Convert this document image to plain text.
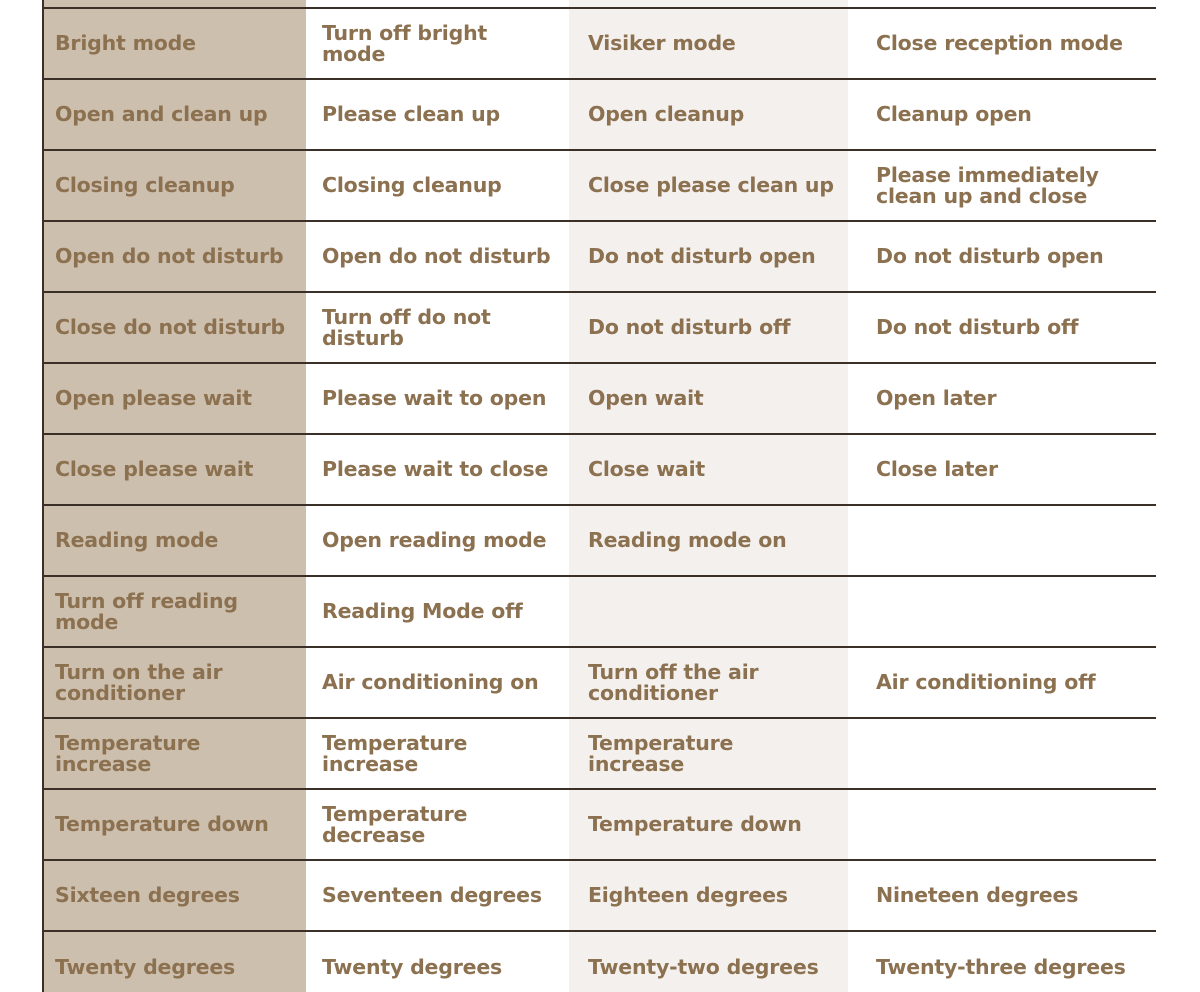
Bright mode	Turn off bright mode	Visiker mode	Close reception mode
Open and clean up	Please clean up	Open cleanup	Cleanup open
Closing cleanup	Closing cleanup	Close please clean up	Please immediately clean up and close
Open do not disturb	Open do not disturb	Do not disturb open	Do not disturb open
Close do not disturb	Turn off do not disturb	Do not disturb off	Do not disturb off
Open please wait	Please wait to open	Open wait	Open later
Close please wait	Please wait to close	Close wait	Close later
Reading mode	Open reading mode	Reading mode on	
Turn off reading mode	Reading Mode off		
Turn on the air conditioner	Air conditioning on	Turn off the air conditioner	Air conditioning off
Temperature increase	Temperature increase	Temperature increase	
Temperature down	Temperature decrease	Temperature down	
Sixteen degrees	Seventeen degrees	Eighteen degrees	Nineteen degrees
Twenty degrees	Twenty degrees	Twenty-two degrees	Twenty-three degrees
